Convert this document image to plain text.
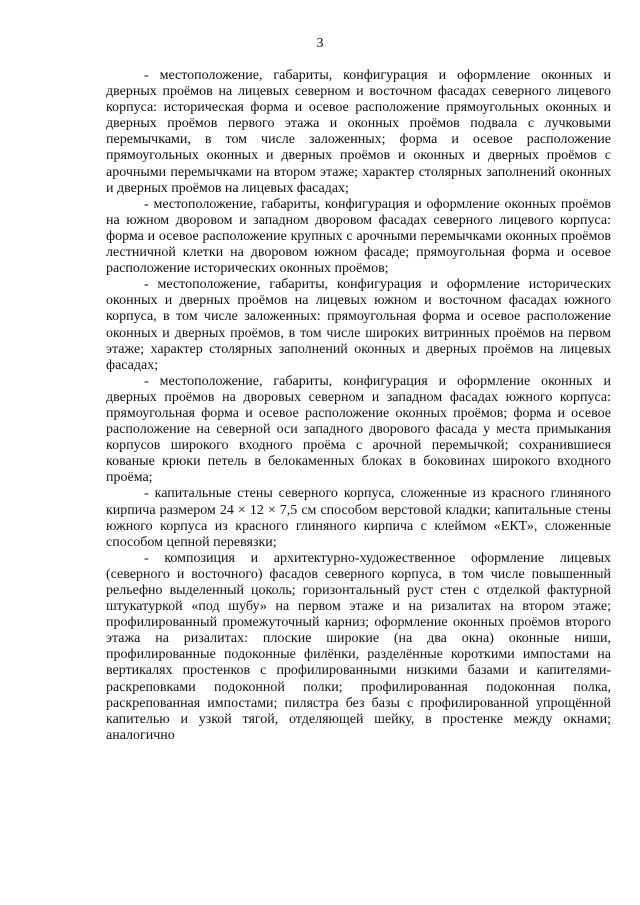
3

- местоположение, габариты, конфигурация и оформление оконных и дверных проёмов на лицевых северном и восточном фасадах северного лицевого корпуса: историческая форма и осевое расположение прямоугольных оконных и дверных проёмов первого этажа и оконных проёмов подвала с лучковыми перемычками, в том числе заложенных; форма и осевое расположение прямоугольных оконных и дверных проёмов и оконных и дверных проёмов с арочными перемычками на втором этаже; характер столярных заполнений оконных и дверных проёмов на лицевых фасадах;

- местоположение, габариты, конфигурация и оформление оконных проёмов на южном дворовом и западном дворовом фасадах северного лицевого корпуса: форма и осевое расположение крупных с арочными перемычками оконных проёмов лестничной клетки на дворовом южном фасаде; прямоугольная форма и осевое расположение исторических оконных проёмов;

- местоположение, габариты, конфигурация и оформление исторических оконных и дверных проёмов на лицевых южном и восточном фасадах южного корпуса, в том числе заложенных: прямоугольная форма и осевое расположение оконных и дверных проёмов, в том числе широких витринных проёмов на первом этаже; характер столярных заполнений оконных и дверных проёмов на лицевых фасадах;

- местоположение, габариты, конфигурация и оформление оконных и дверных проёмов на дворовых северном и западном фасадах южного корпуса: прямоугольная форма и осевое расположение оконных проёмов; форма и осевое расположение на северной оси западного дворового фасада у места примыкания корпусов широкого входного проёма с арочной перемычкой; сохранившиеся кованые крюки петель в белокаменных блоках в боковинах широкого входного проёма;

- капитальные стены северного корпуса, сложенные из красного глиняного кирпича размером 24 × 12 × 7,5 см способом верстовой кладки; капитальные стены южного корпуса из красного глиняного кирпича с клеймом «ЕКТ», сложенные способом цепной перевязки;

- композиция и архитектурно-художественное оформление лицевых (северного и восточного) фасадов северного корпуса, в том числе повышенный рельефно выделенный цоколь; горизонтальный руст стен с отделкой фактурной штукатуркой «под шубу» на первом этаже и на ризалитах на втором этаже; профилированный промежуточный карниз; оформление оконных проёмов второго этажа на ризалитах: плоские широкие (на два окна) оконные ниши, профилированные подоконные филёнки, разделённые короткими импостами на вертикалях простенков с профилированными низкими базами и капителями-раскреповками подоконной полки; профилированная подоконная полка, раскрепованная импостами; пилястра без базы с профилированной упрощённой капителью и узкой тягой, отделяющей шейку, в простенке между окнами; аналогично
